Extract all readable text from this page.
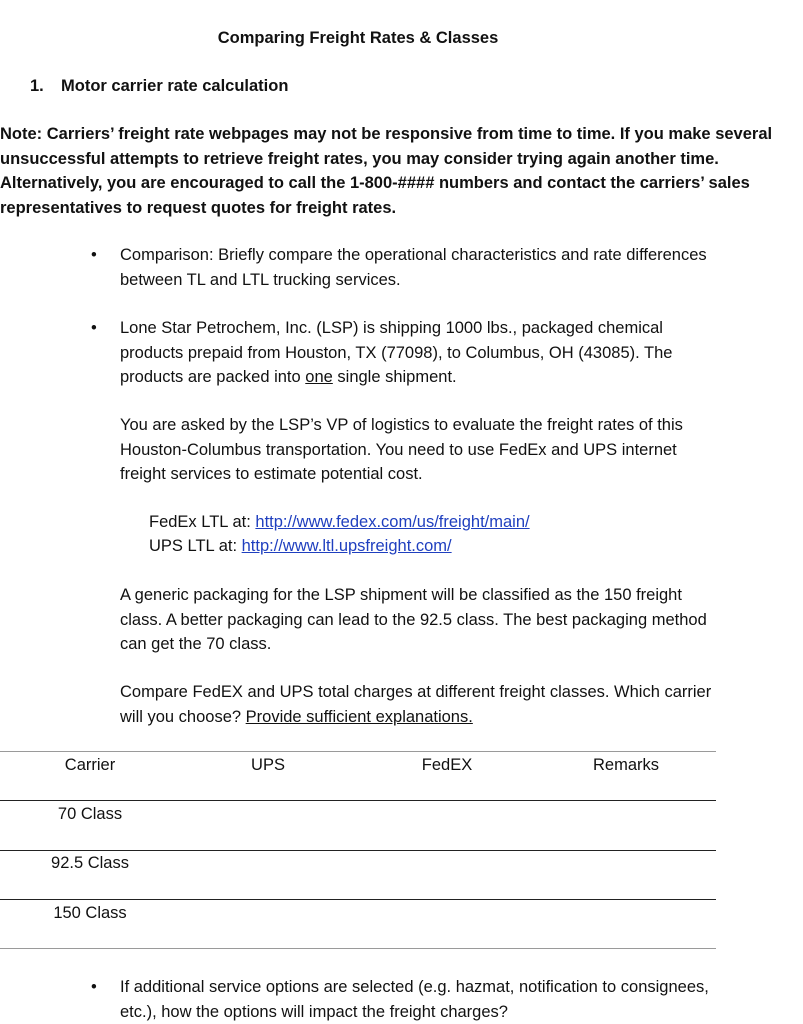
Comparing Freight Rates & Classes
1. Motor carrier rate calculation
Note: Carriers’ freight rate webpages may not be responsive from time to time. If you make several unsuccessful attempts to retrieve freight rates, you may consider trying again another time. Alternatively, you are encouraged to call the 1-800-#### numbers and contact the carriers’ sales representatives to request quotes for freight rates.
• Comparison: Briefly compare the operational characteristics and rate differences between TL and LTL trucking services.
• Lone Star Petrochem, Inc. (LSP) is shipping 1000 lbs., packaged chemical products prepaid from Houston, TX (77098), to Columbus, OH (43085). The products are packed into one single shipment.
You are asked by the LSP’s VP of logistics to evaluate the freight rates of this Houston-Columbus transportation. You need to use FedEx and UPS internet freight services to estimate potential cost.
FedEx LTL at: http://www.fedex.com/us/freight/main/
UPS LTL at: http://www.ltl.upsfreight.com/
A generic packaging for the LSP shipment will be classified as the 150 freight class. A better packaging can lead to the 92.5 class. The best packaging method can get the 70 class.
Compare FedEX and UPS total charges at different freight classes. Which carrier will you choose? Provide sufficient explanations.
Carrier	UPS	FedEX	Remarks
70 Class
92.5 Class
150 Class
• If additional service options are selected (e.g. hazmat, notification to consignees, etc.), how the options will impact the freight charges?
